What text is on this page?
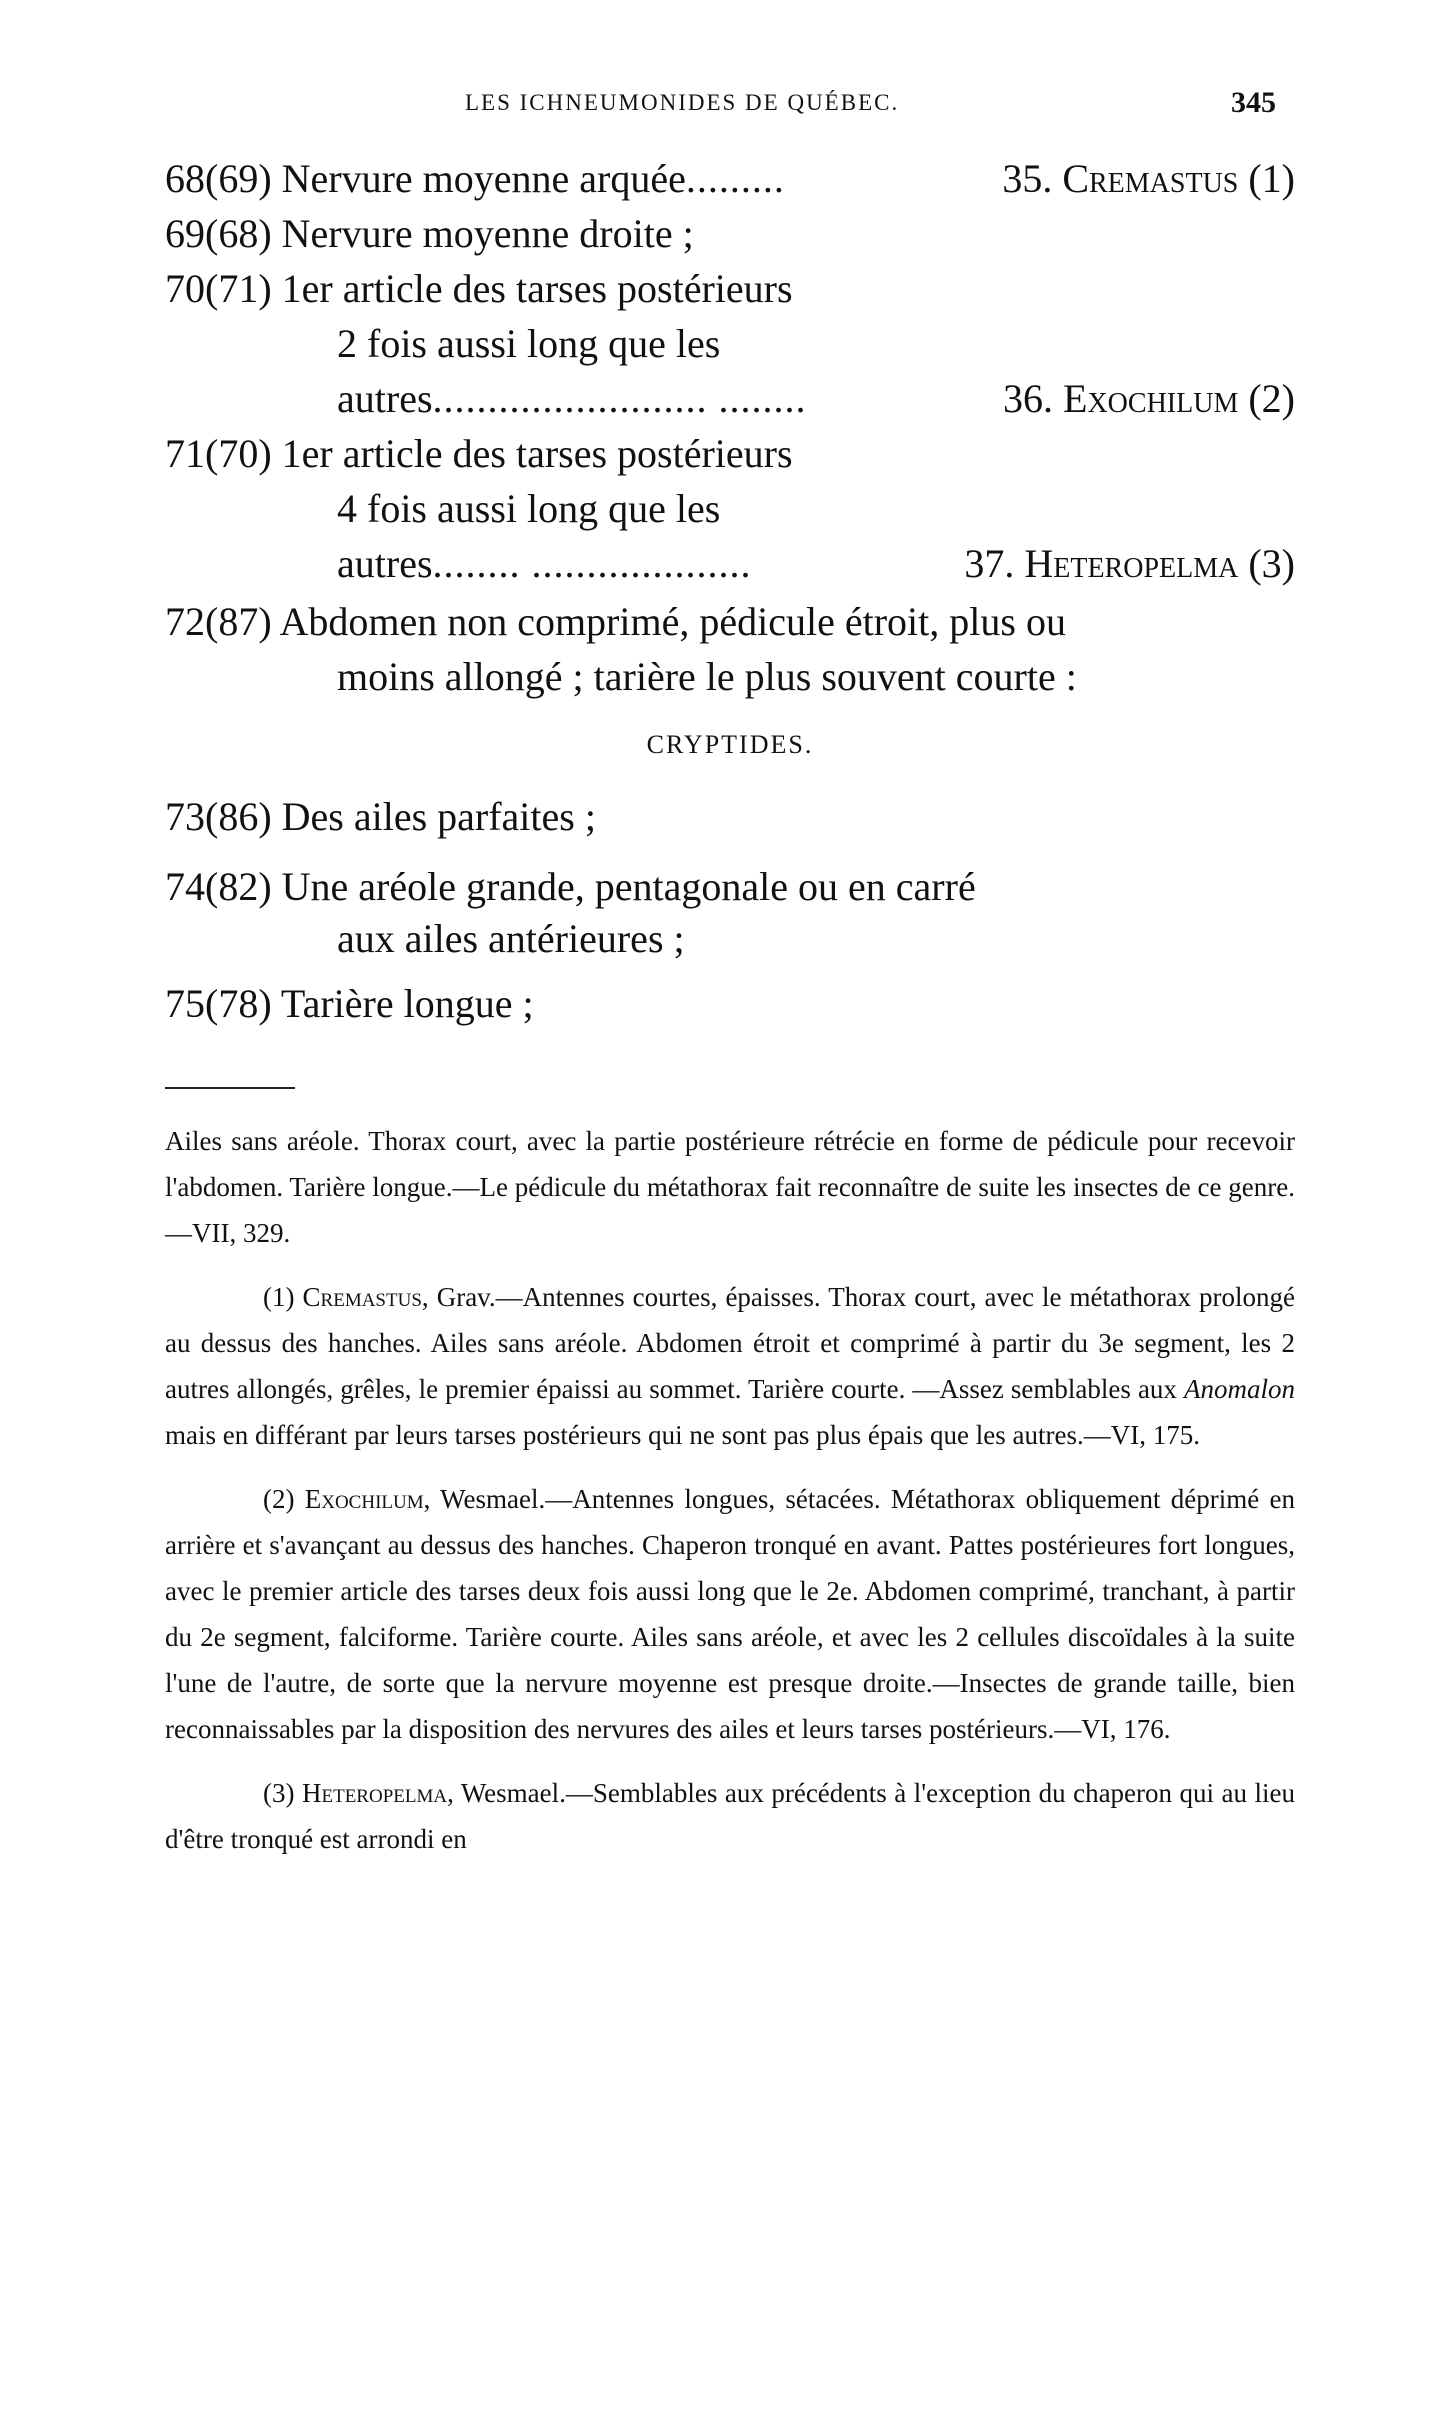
LES ICHNEUMONIDES DE QUÉBEC.	345
68(69) Nervure moyenne arquée.........	35. Cremastus (1)
69(68) Nervure moyenne droite ;
70(71) 1er article des tarses postérieurs
2 fois aussi long que les
autres......................... ........	36. Exochilum (2)
71(70) 1er article des tarses postérieurs
4 fois aussi long que les
autres........ ....................	37. Heteropelma (3)
72(87) Abdomen non comprimé, pédicule étroit, plus ou
moins allongé ; tarière le plus souvent courte :
CRYPTIDES.
73(86) Des ailes parfaites ;
74(82) Une aréole grande, pentagonale ou en carré
aux ailes antérieures ;
75(78) Tarière longue ;

Ailes sans aréole. Thorax court, avec la partie postérieure rétrécie en forme de pédicule pour recevoir l'abdomen. Tarière longue.—Le pédicule du métathorax fait reconnaître de suite les insectes de ce genre.—VII, 329.

(1) Cremastus, Grav.—Antennes courtes, épaisses. Thorax court, avec le métathorax prolongé au dessus des hanches. Ailes sans aréole. Abdomen étroit et comprimé à partir du 3e segment, les 2 autres allongés, grêles, le premier épaissi au sommet. Tarière courte. —Assez semblables aux Anomalon mais en différant par leurs tarses postérieurs qui ne sont pas plus épais que les autres.—VI, 175.

(2) Exochilum, Wesmael.—Antennes longues, sétacées. Métathorax obliquement déprimé en arrière et s'avançant au dessus des hanches. Chaperon tronqué en avant. Pattes postérieures fort longues, avec le premier article des tarses deux fois aussi long que le 2e. Abdomen comprimé, tranchant, à partir du 2e segment, falciforme. Tarière courte. Ailes sans aréole, et avec les 2 cellules discoïdales à la suite l'une de l'autre, de sorte que la nervure moyenne est presque droite.—Insectes de grande taille, bien reconnaissables par la disposition des nervures des ailes et leurs tarses postérieurs.—VI, 176.

(3) Heteropelma, Wesmael.—Semblables aux précédents à l'exception du chaperon qui au lieu d'être tronqué est arrondi en
